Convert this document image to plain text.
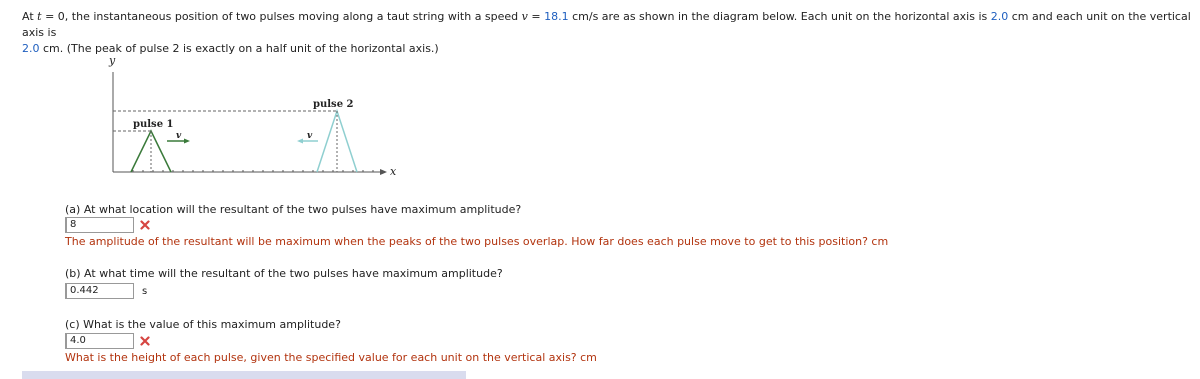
At t = 0, the instantaneous position of two pulses moving along a taut string with a speed v = 18.1 cm/s are as shown in the diagram below. Each unit on the horizontal axis is 2.0 cm and each unit on the vertical axis is
2.0 cm. (The peak of pulse 2 is exactly on a half unit of the horizontal axis.)
y
x
pulse 2
pulse 1
v	v
(a) At what location will the resultant of the two pulses have maximum amplitude?
8
The amplitude of the resultant will be maximum when the peaks of the two pulses overlap. How far does each pulse move to get to this position? cm
(b) At what time will the resultant of the two pulses have maximum amplitude?
0.442	s
(c) What is the value of this maximum amplitude?
4.0
What is the height of each pulse, given the specified value for each unit on the vertical axis? cm
